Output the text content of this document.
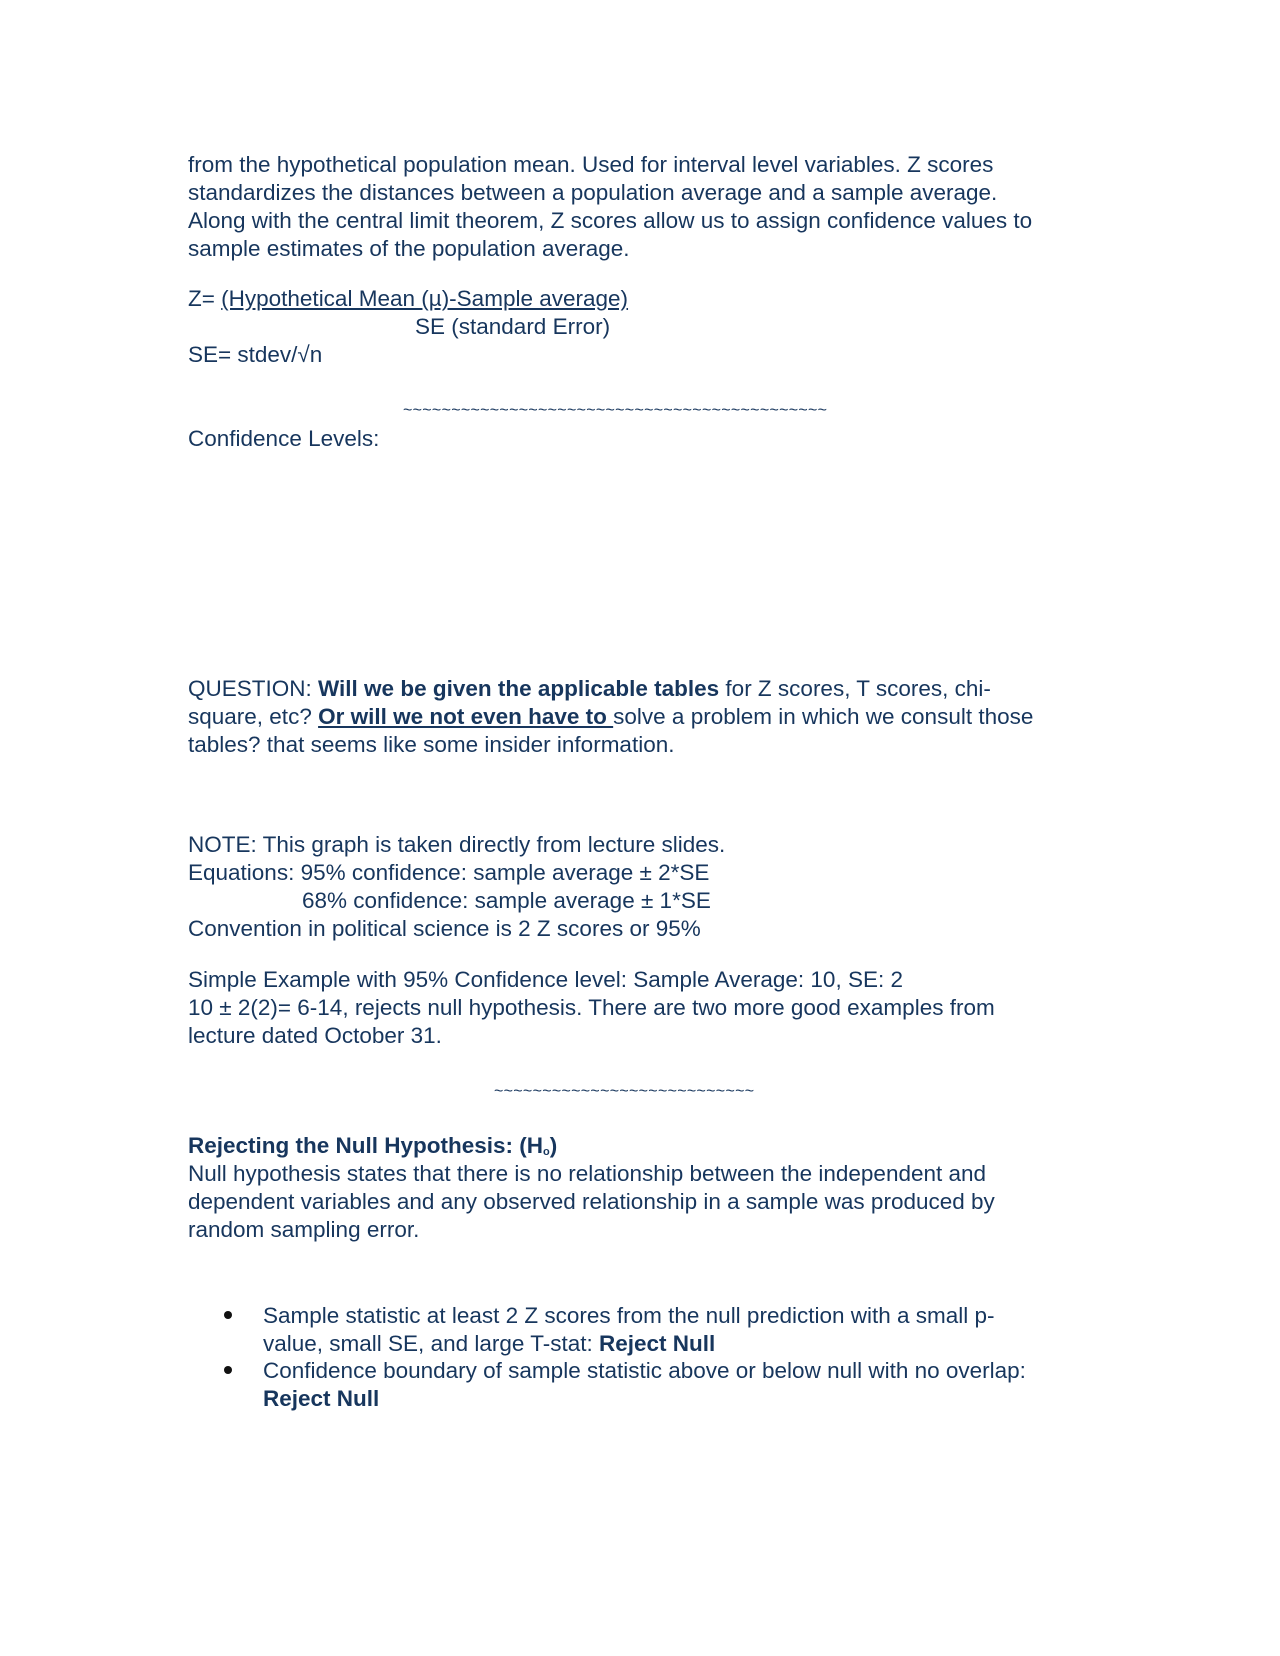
from the hypothetical population mean. Used for interval level variables. Z scores
standardizes the distances between a population average and a sample average.
Along with the central limit theorem, Z scores allow us to assign confidence values to
sample estimates of the population average.
Z= (Hypothetical Mean (µ)-Sample average)
SE (standard Error)
SE= stdev/√n
~~~~~~~~~~~~~~~~~~~~~~~~~~~~~~~~~~~~~~~~~~~~
Confidence Levels:
QUESTION: Will we be given the applicable tables for Z scores, T scores, chi-
square, etc? Or will we not even have to solve a problem in which we consult those
tables? that seems like some insider information.
NOTE: This graph is taken directly from lecture slides.
Equations: 95% confidence: sample average ± 2*SE
68% confidence: sample average ± 1*SE
Convention in political science is 2 Z scores or 95%
Simple Example with 95% Confidence level: Sample Average: 10, SE: 2
10 ± 2(2)= 6-14, rejects null hypothesis. There are two more good examples from
lecture dated October 31.
~~~~~~~~~~~~~~~~~~~~~~~~~~~
Rejecting the Null Hypothesis: $(H_o)$
Null hypothesis states that there is no relationship between the independent and
dependent variables and any observed relationship in a sample was produced by
random sampling error.
Sample statistic at least 2 Z scores from the null prediction with a small p-
value, small SE, and large T-stat: Reject Null
Confidence boundary of sample statistic above or below null with no overlap:
Reject Null
